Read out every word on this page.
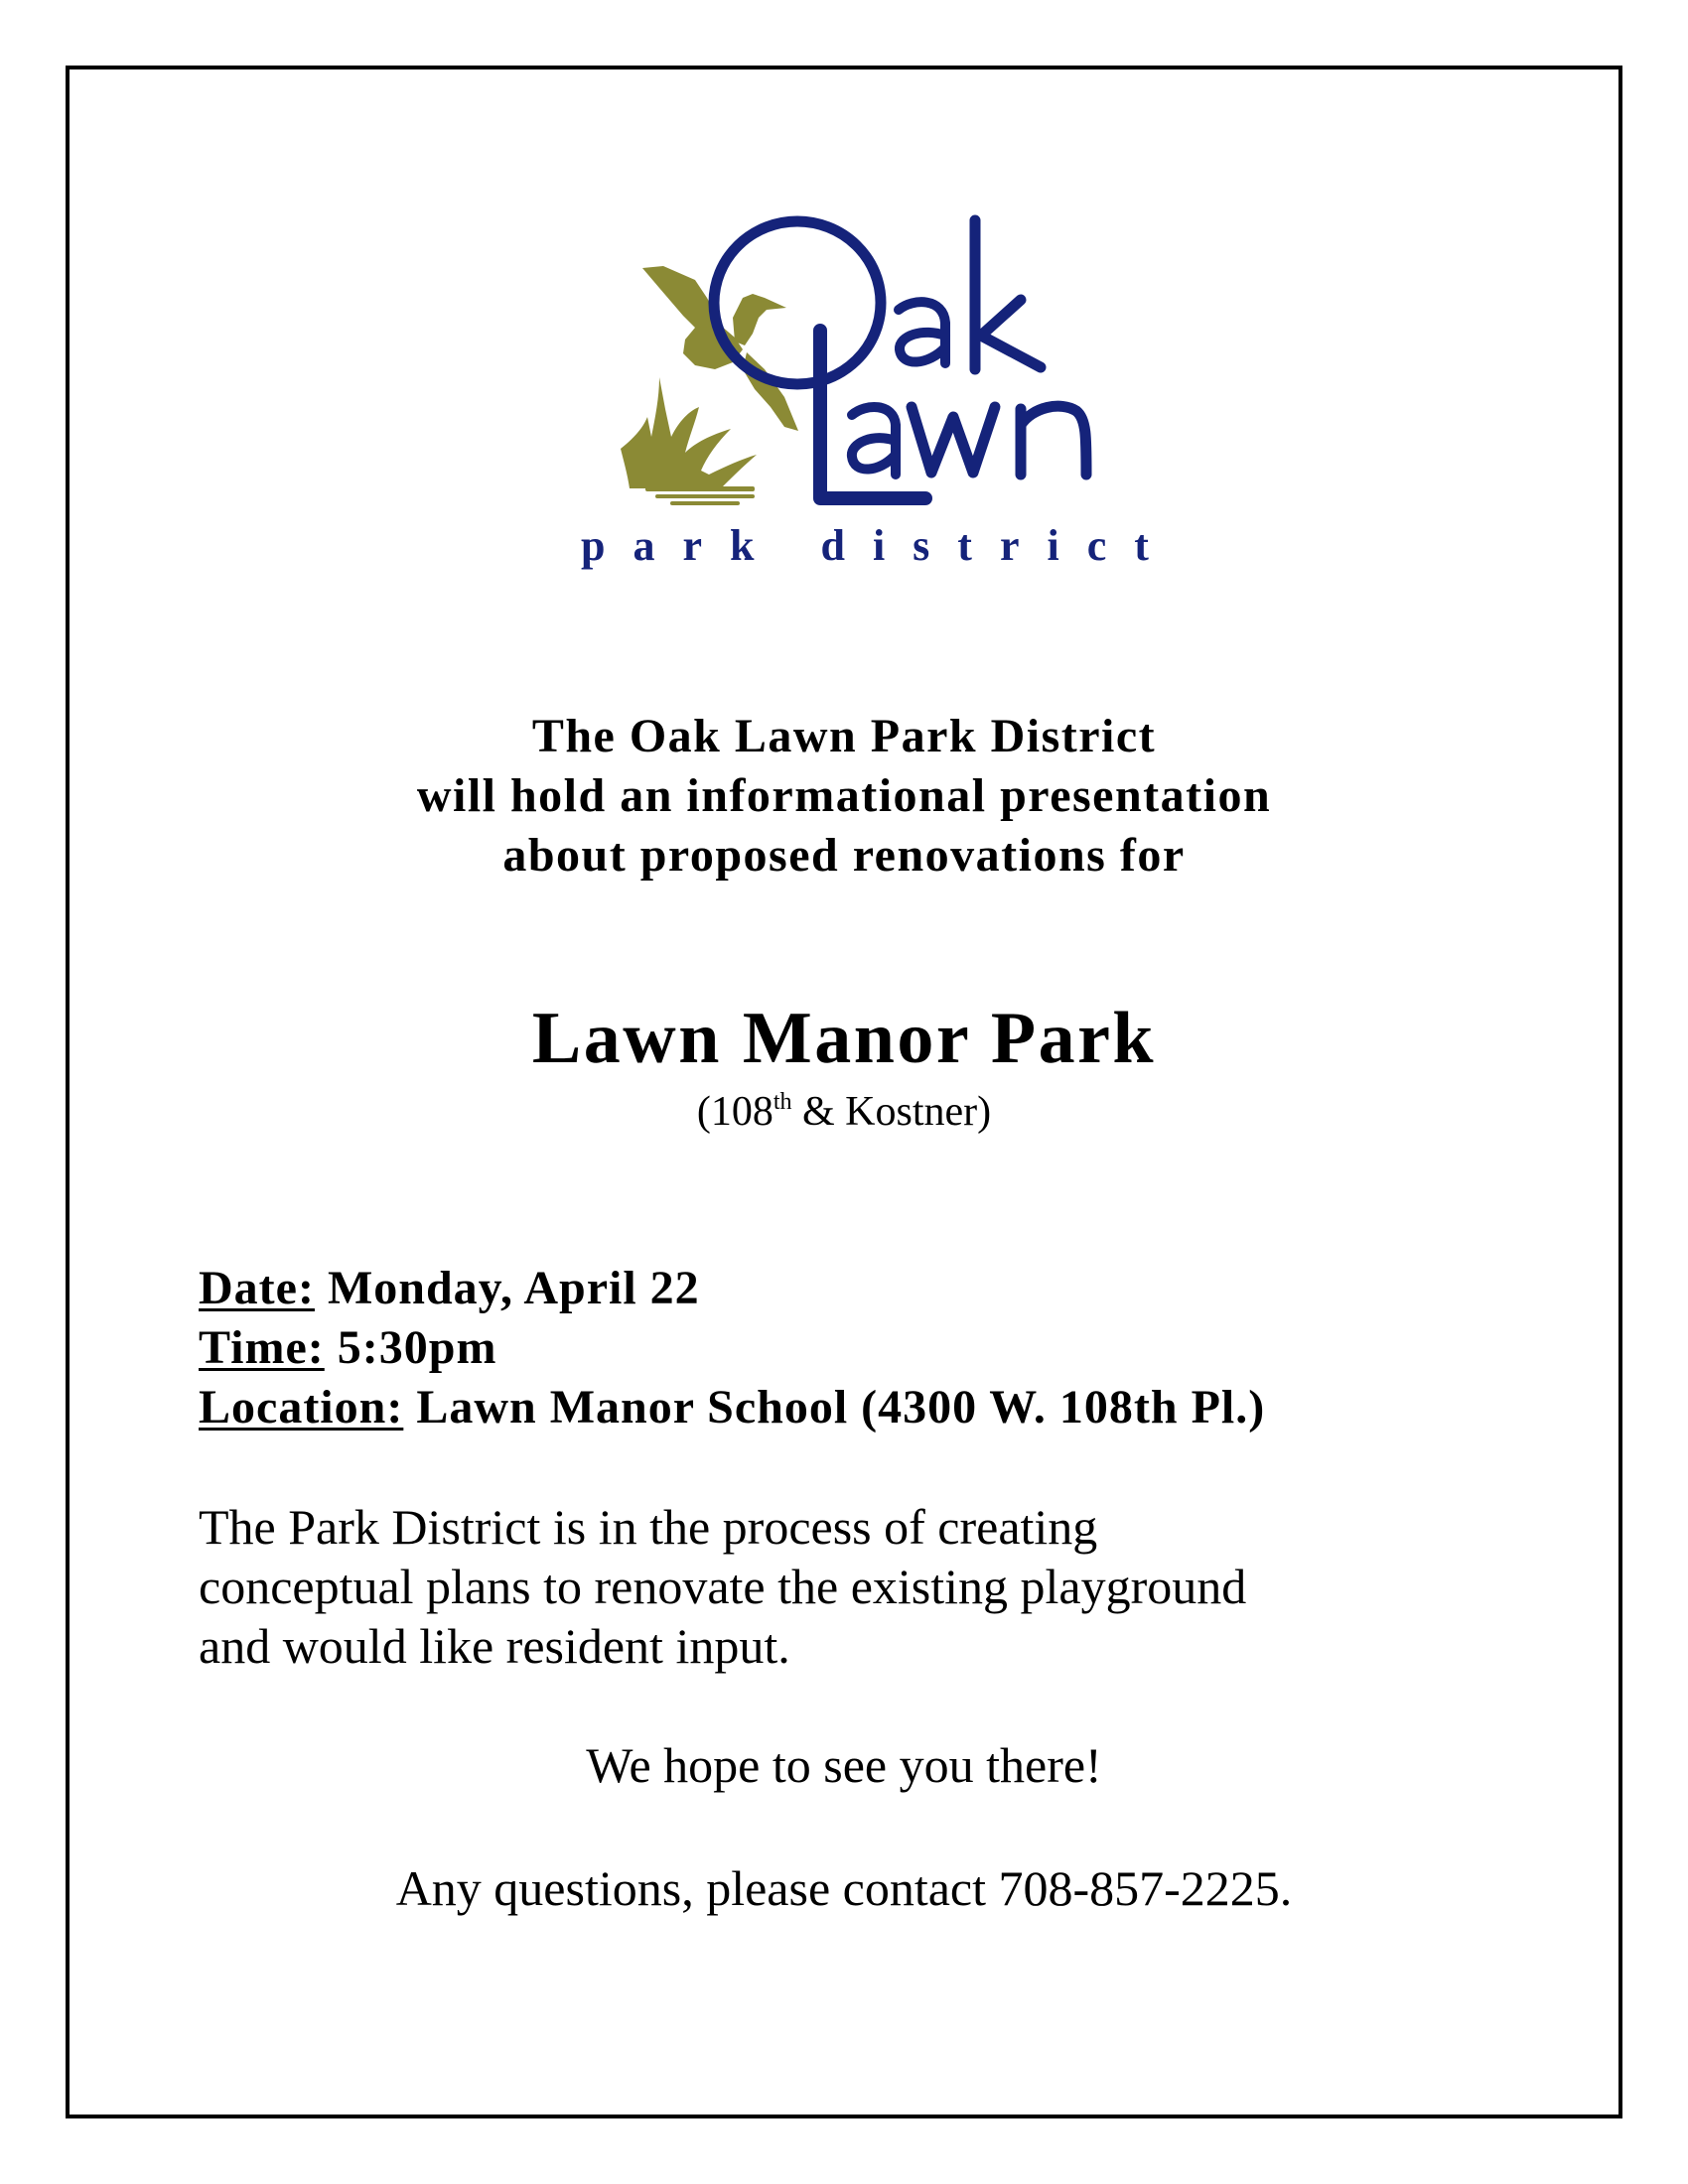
park district
The Oak Lawn Park District
will hold an informational presentation
about proposed renovations for
Lawn Manor Park
(108th & Kostner)
Date: Monday, April 22
Time: 5:30pm
Location: Lawn Manor School (4300 W. 108th Pl.)
The Park District is in the process of creating
conceptual plans to renovate the existing playground
and would like resident input.
We hope to see you there!
Any questions, please contact 708-857-2225.
